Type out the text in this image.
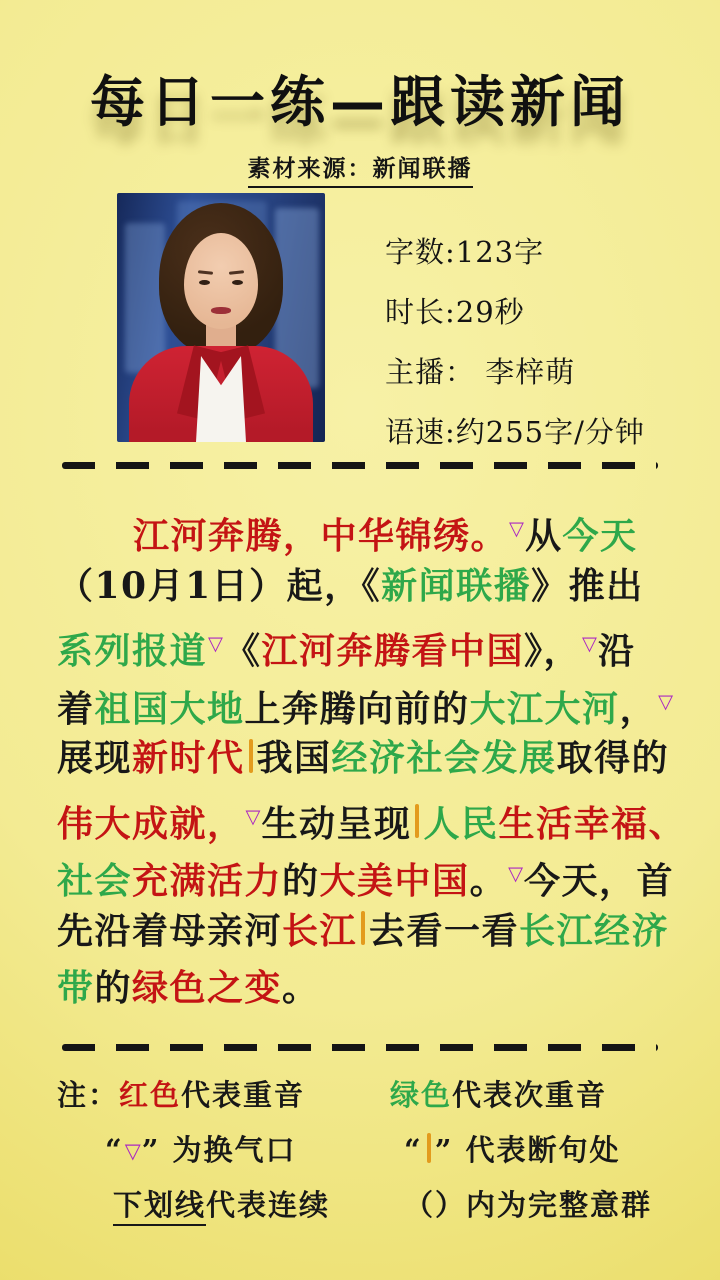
每日一练—跟读新闻
素材来源：新闻联播
字数:123字
时长:29秒
主播： 李梓萌
语速:约255字/分钟
江河奔腾，中华锦绣。▽从今天
（10月1日）起，《新闻联播》推出
系列报道▽《江河奔腾看中国》，▽沿
着祖国大地上奔腾向前的大江大河，▽
展现新时代 我国经济社会发展取得的
伟大成就，▽生动呈现 人民生活幸福、
社会充满活力的大美中国。▽今天，首
先沿着母亲河长江 去看一看长江经济
带的绿色之变。
注：红色代表重音	绿色代表次重音
“▽” 为换气口	“ ” 代表断句处
下划线代表连续	（）内为完整意群
